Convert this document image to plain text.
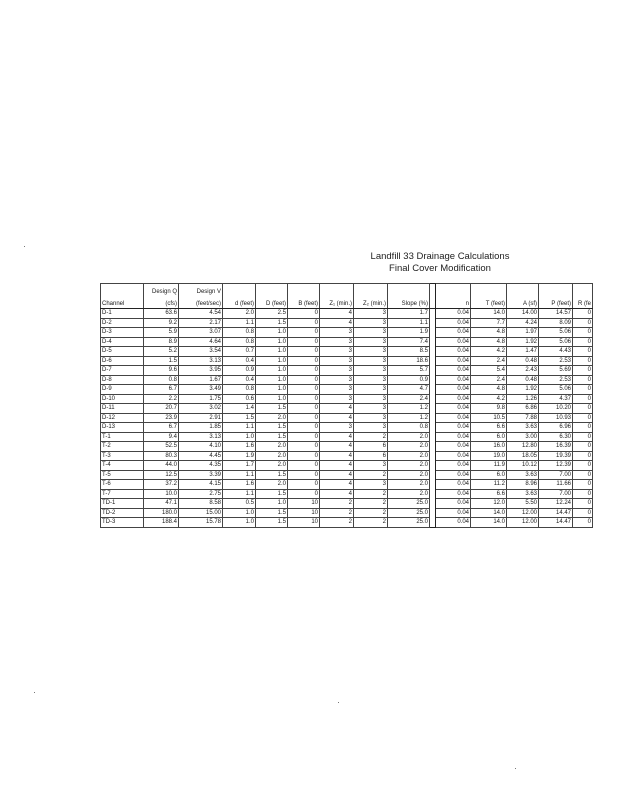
Landfill 33 Drainage Calculations
Final Cover Modification
	Design Q	Design V												
Channel	(cfs)	(feet/sec)	d (feet)	D (feet)	B (feet)	Z₁ (min.)	Z₂ (min.)	Slope (%)		n	T (feet)	A (sf)	P (feet)	R (fe
D-1	63.6	4.54	2.0	2.5	0	4	3	1.7		0.04	14.0	14.00	14.57	0
D-2	9.2	2.17	1.1	1.5	0	4	3	1.1		0.04	7.7	4.24	8.09	0
D-3	5.9	3.07	0.8	1.0	0	3	3	1.9		0.04	4.8	1.97	5.06	0
D-4	8.9	4.64	0.8	1.0	0	3	3	7.4		0.04	4.8	1.92	5.06	0
D-5	5.2	3.54	0.7	1.0	0	3	3	8.5		0.04	4.2	1.47	4.43	0
D-6	1.5	3.13	0.4	1.0	0	3	3	18.6		0.04	2.4	0.48	2.53	0
D-7	9.6	3.95	0.9	1.0	0	3	3	5.7		0.04	5.4	2.43	5.69	0
D-8	0.8	1.67	0.4	1.0	0	3	3	0.9		0.04	2.4	0.48	2.53	0
D-9	6.7	3.49	0.8	1.0	0	3	3	4.7		0.04	4.8	1.92	5.06	0
D-10	2.2	1.75	0.6	1.0	0	3	3	2.4		0.04	4.2	1.26	4.37	0
D-11	20.7	3.02	1.4	1.5	0	4	3	1.2		0.04	9.8	6.86	10.20	0
D-12	23.9	2.91	1.5	2.0	0	4	3	1.2		0.04	10.5	7.88	10.93	0
D-13	6.7	1.85	1.1	1.5	0	3	3	0.8		0.04	6.6	3.63	6.96	0
T-1	9.4	3.13	1.0	1.5	0	4	2	2.0		0.04	6.0	3.00	6.30	0
T-2	52.5	4.10	1.6	2.0	0	4	6	2.0		0.04	16.0	12.80	16.39	0
T-3	80.3	4.45	1.9	2.0	0	4	6	2.0		0.04	19.0	18.05	19.39	0
T-4	44.0	4.35	1.7	2.0	0	4	3	2.0		0.04	11.9	10.12	12.39	0
T-5	12.5	3.39	1.1	1.5	0	4	2	2.0		0.04	6.0	3.63	7.00	0
T-6	37.2	4.15	1.6	2.0	0	4	3	2.0		0.04	11.2	8.96	11.66	0
T-7	10.0	2.75	1.1	1.5	0	4	2	2.0		0.04	6.6	3.63	7.00	0
TD-1	47.1	8.58	0.5	1.0	10	2	2	25.0		0.04	12.0	5.50	12.24	0
TD-2	180.0	15.00	1.0	1.5	10	2	2	25.0		0.04	14.0	12.00	14.47	0
TD-3	188.4	15.78	1.0	1.5	10	2	2	25.0		0.04	14.0	12.00	14.47	0
